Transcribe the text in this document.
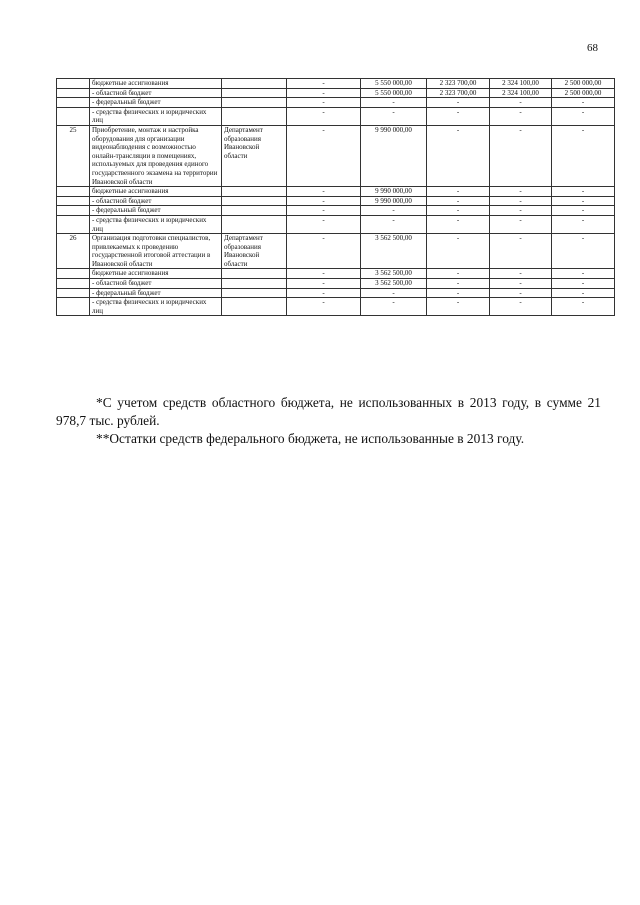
68
	бюджетные ассигнования		-	5 550 000,00	2 323 700,00	2 324 100,00	2 500 000,00
	- областной бюджет		-	5 550 000,00	2 323 700,00	2 324 100,00	2 500 000,00
	- федеральный бюджет		-	-	-	-	-
	- средства физических и юридических лиц		-	-	-	-	-
25	Приобретение, монтаж и настройка оборудования для организации видеонаблюдения с возможностью онлайн-трансляции в помещениях, используемых для проведения единого государственного экзамена на территории Ивановской области	Департамент образования Ивановской области	-	9 990 000,00	-	-	-
	бюджетные ассигнования		-	9 990 000,00	-	-	-
	- областной бюджет		-	9 990 000,00	-	-	-
	- федеральный бюджет		-	-	-	-	-
	- средства физических и юридических лиц		-	-	-	-	-
26	Организация подготовки специалистов, привлекаемых к проведению государственной итоговой аттестации в Ивановской области	Департамент образования Ивановской области	-	3 562 500,00	-	-	-
	бюджетные ассигнования		-	3 562 500,00	-	-	-
	- областной бюджет		-	3 562 500,00	-	-	-
	- федеральный бюджет		-	-	-	-	-
	- средства физических и юридических лиц		-	-	-	-	-

*С учетом средств областного бюджета, не использованных в 2013 году, в сумме 21 978,7 тыс. рублей.

**Остатки средств федерального бюджета, не использованные в 2013 году.
